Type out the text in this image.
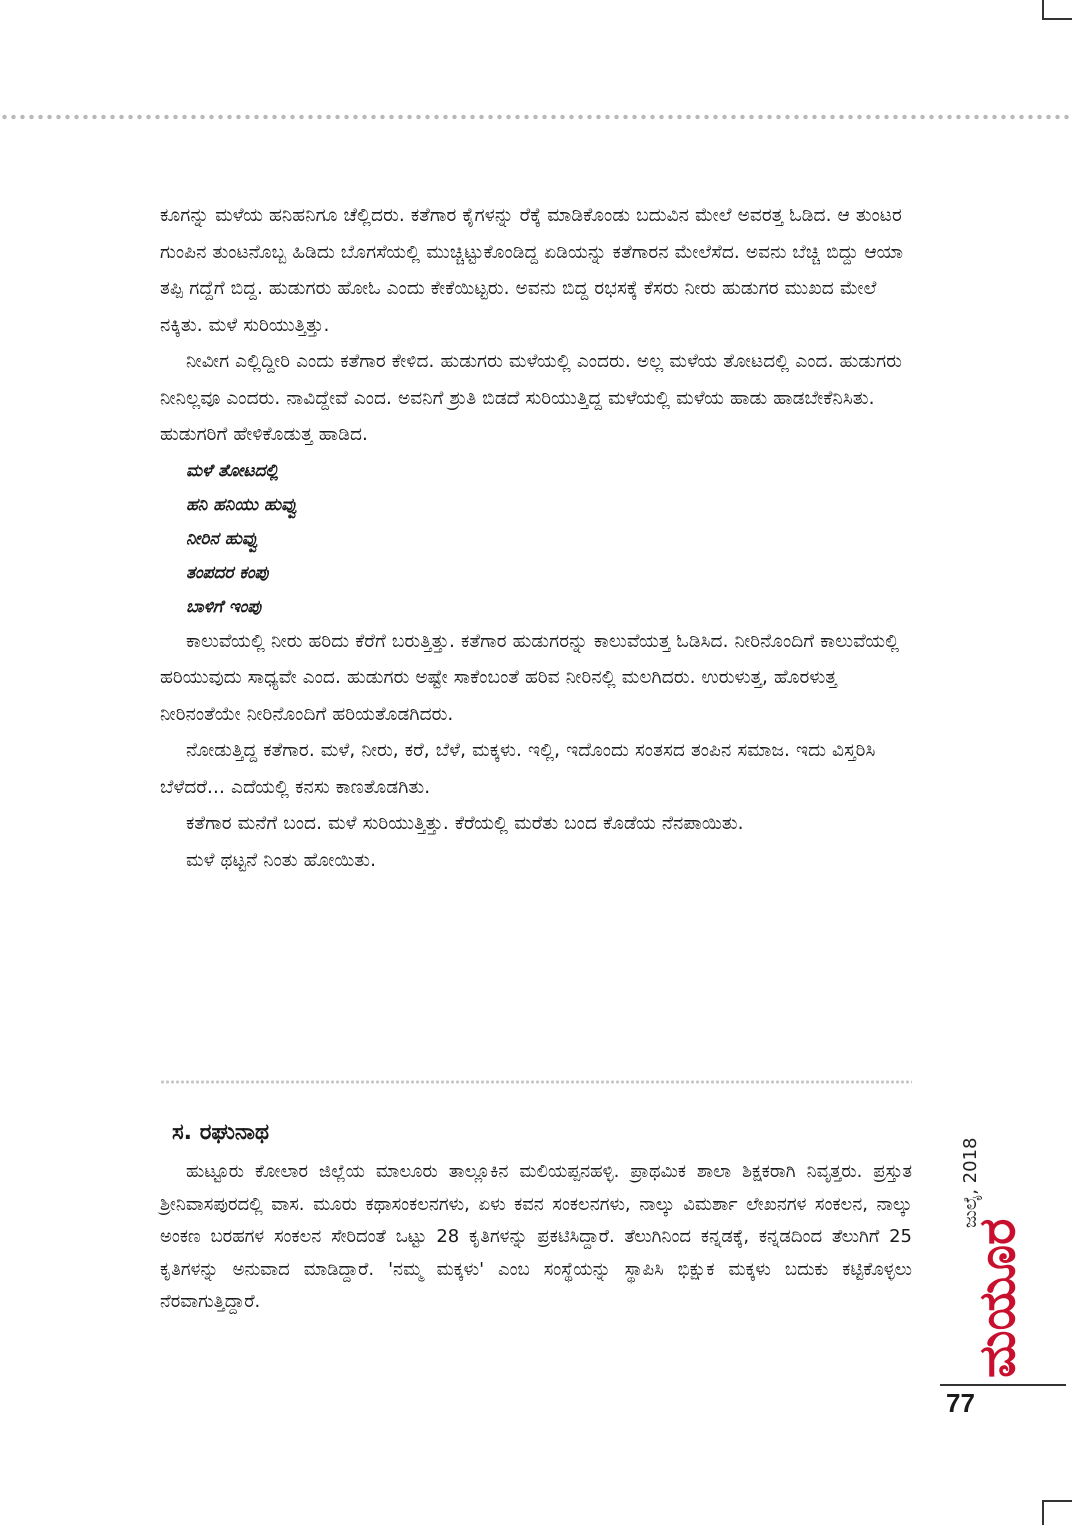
ಕೂಗನ್ನು ಮಳೆಯ ಹನಿಹನಿಗೂ ಚೆಲ್ಲಿದರು. ಕತೆಗಾರ ಕೈಗಳನ್ನು ರೆಕ್ಕೆ ಮಾಡಿಕೊಂಡು ಬದುವಿನ ಮೇಲೆ ಅವರತ್ತ ಓಡಿದ. ಆ ತುಂಟರ ಗುಂಪಿನ ತುಂಟನೊಬ್ಬ ಹಿಡಿದು ಬೊಗಸೆಯಲ್ಲಿ ಮುಚ್ಚಿಟ್ಟುಕೊಂಡಿದ್ದ ಏಡಿಯನ್ನು ಕತೆಗಾರನ ಮೇಲೆಸೆದ. ಅವನು ಬೆಚ್ಚಿ ಬಿದ್ದು ಆಯಾ ತಪ್ಪಿ ಗದ್ದೆಗೆ ಬಿದ್ದ. ಹುಡುಗರು ಹೋಓ ಎಂದು ಕೇಕೆಯಿಟ್ಟರು. ಅವನು ಬಿದ್ದ ರಭಸಕ್ಕೆ ಕೆಸರು ನೀರು ಹುಡುಗರ ಮುಖದ ಮೇಲೆ ನಕ್ಕಿತು. ಮಳೆ ಸುರಿಯುತ್ತಿತ್ತು.

ನೀವೀಗ ಎಲ್ಲಿದ್ದೀರಿ ಎಂದು ಕತೆಗಾರ ಕೇಳಿದ. ಹುಡುಗರು ಮಳೆಯಲ್ಲಿ ಎಂದರು. ಅಲ್ಲ ಮಳೆಯ ತೋಟದಲ್ಲಿ ಎಂದ. ಹುಡುಗರು ನೀನಿಲ್ಲವೂ ಎಂದರು. ನಾವಿದ್ದೇವೆ ಎಂದ. ಅವನಿಗೆ ಶ್ರುತಿ ಬಿಡದೆ ಸುರಿಯುತ್ತಿದ್ದ ಮಳೆಯಲ್ಲಿ ಮಳೆಯ ಹಾಡು ಹಾಡಬೇಕೆನಿಸಿತು. ಹುಡುಗರಿಗೆ ಹೇಳಿಕೊಡುತ್ತ ಹಾಡಿದ.

ಮಳೆ ತೋಟದಲ್ಲಿ
ಹನಿ ಹನಿಯು ಹುವ್ವು
ನೀರಿನ ಹುವ್ವು
ತಂಪದರ ಕಂಪು
ಬಾಳಿಗೆ ಇಂಪು

ಕಾಲುವೆಯಲ್ಲಿ ನೀರು ಹರಿದು ಕೆರೆಗೆ ಬರುತ್ತಿತ್ತು. ಕತೆಗಾರ ಹುಡುಗರನ್ನು ಕಾಲುವೆಯತ್ತ ಓಡಿಸಿದ. ನೀರಿನೊಂದಿಗೆ ಕಾಲುವೆಯಲ್ಲಿ ಹರಿಯುವುದು ಸಾಧ್ಯವೇ ಎಂದ. ಹುಡುಗರು ಅಷ್ಟೇ ಸಾಕೆಂಬಂತೆ ಹರಿವ ನೀರಿನಲ್ಲಿ ಮಲಗಿದರು. ಉರುಳುತ್ತ, ಹೊರಳುತ್ತ ನೀರಿನಂತೆಯೇ ನೀರಿನೊಂದಿಗೆ ಹರಿಯತೊಡಗಿದರು.

ನೋಡುತ್ತಿದ್ದ ಕತೆಗಾರ. ಮಳೆ, ನೀರು, ಕರೆ, ಬೆಳೆ, ಮಕ್ಕಳು. ಇಲ್ಲಿ, ಇದೊಂದು ಸಂತಸದ ತಂಪಿನ ಸಮಾಜ. ಇದು ವಿಸ್ತರಿಸಿ ಬೆಳೆದರೆ... ಎದೆಯಲ್ಲಿ ಕನಸು ಕಾಣತೊಡಗಿತು.

ಕತೆಗಾರ ಮನೆಗೆ ಬಂದ. ಮಳೆ ಸುರಿಯುತ್ತಿತ್ತು. ಕೆರೆಯಲ್ಲಿ ಮರೆತು ಬಂದ ಕೊಡೆಯ ನೆನಪಾಯಿತು.

ಮಳೆ ಥಟ್ಟನೆ ನಿಂತು ಹೋಯಿತು.

ಸ. ರಘುನಾಥ

ಹುಟ್ಟೂರು ಕೋಲಾರ ಜಿಲ್ಲೆಯ ಮಾಲೂರು ತಾಲ್ಲೂಕಿನ ಮಲಿಯಪ್ಪನಹಳ್ಳಿ. ಪ್ರಾಥಮಿಕ ಶಾಲಾ ಶಿಕ್ಷಕರಾಗಿ ನಿವೃತ್ತರು. ಪ್ರಸ್ತುತ ಶ್ರೀನಿವಾಸಪುರದಲ್ಲಿ ವಾಸ. ಮೂರು ಕಥಾಸಂಕಲನಗಳು, ಏಳು ಕವನ ಸಂಕಲನಗಳು, ನಾಲ್ಕು ವಿಮರ್ಶಾ ಲೇಖನಗಳ ಸಂಕಲನ, ನಾಲ್ಕು ಅಂಕಣ ಬರಹಗಳ ಸಂಕಲನ ಸೇರಿದಂತೆ ಒಟ್ಟು 28 ಕೃತಿಗಳನ್ನು ಪ್ರಕಟಿಸಿದ್ದಾರೆ. ತೆಲುಗಿನಿಂದ ಕನ್ನಡಕ್ಕೆ, ಕನ್ನಡದಿಂದ ತೆಲುಗಿಗೆ 25 ಕೃತಿಗಳನ್ನು ಅನುವಾದ ಮಾಡಿದ್ದಾರೆ. 'ನಮ್ಮ ಮಕ್ಕಳು' ಎಂಬ ಸಂಸ್ಥೆಯನ್ನು ಸ್ಥಾಪಿಸಿ ಭಿಕ್ಷುಕ ಮಕ್ಕಳು ಬದುಕು ಕಟ್ಟಿಕೊಳ್ಳಲು ನೆರವಾಗುತ್ತಿದ್ದಾರೆ.

ಜುಲೈ, 2018
ಮಯೂರ
77
